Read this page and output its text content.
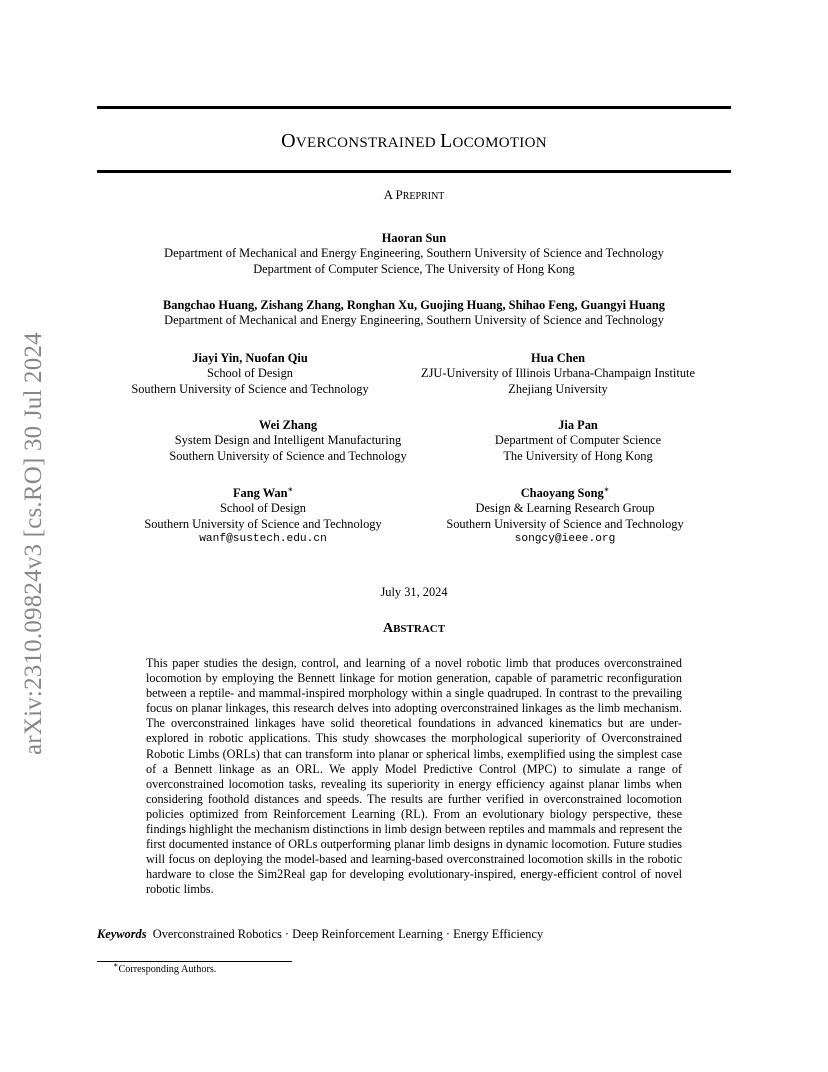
arXiv:2310.09824v3 [cs.RO] 30 Jul 2024
OVERCONSTRAINED LOCOMOTION
A PREPRINT
Haoran Sun
Department of Mechanical and Energy Engineering, Southern University of Science and Technology
Department of Computer Science, The University of Hong Kong
Bangchao Huang, Zishang Zhang, Ronghan Xu, Guojing Huang, Shihao Feng, Guangyi Huang
Department of Mechanical and Energy Engineering, Southern University of Science and Technology
Jiayi Yin, Nuofan Qiu
School of Design
Southern University of Science and Technology
Hua Chen
ZJU-University of Illinois Urbana-Champaign Institute
Zhejiang University
Wei Zhang
System Design and Intelligent Manufacturing
Southern University of Science and Technology
Jia Pan
Department of Computer Science
The University of Hong Kong
Fang Wan∗
School of Design
Southern University of Science and Technology
wanf@sustech.edu.cn
Chaoyang Song∗
Design & Learning Research Group
Southern University of Science and Technology
songcy@ieee.org
July 31, 2024
ABSTRACT
This paper studies the design, control, and learning of a novel robotic limb that produces overconstrained locomotion by employing the Bennett linkage for motion generation, capable of parametric reconfiguration between a reptile- and mammal-inspired morphology within a single quadruped. In contrast to the prevailing focus on planar linkages, this research delves into adopting overconstrained linkages as the limb mechanism. The overconstrained linkages have solid theoretical foundations in advanced kinematics but are under-explored in robotic applications. This study showcases the morphological superiority of Overconstrained Robotic Limbs (ORLs) that can transform into planar or spherical limbs, exemplified using the simplest case of a Bennett linkage as an ORL. We apply Model Predictive Control (MPC) to simulate a range of overconstrained locomotion tasks, revealing its superiority in energy efficiency against planar limbs when considering foothold distances and speeds. The results are further verified in overconstrained locomotion policies optimized from Reinforcement Learning (RL). From an evolutionary biology perspective, these findings highlight the mechanism distinctions in limb design between reptiles and mammals and represent the first documented instance of ORLs outperforming planar limb designs in dynamic locomotion. Future studies will focus on deploying the model-based and learning-based overconstrained locomotion skills in the robotic hardware to close the Sim2Real gap for developing evolutionary-inspired, energy-efficient control of novel robotic limbs.
Keywords Overconstrained Robotics · Deep Reinforcement Learning · Energy Efficiency
∗Corresponding Authors.
